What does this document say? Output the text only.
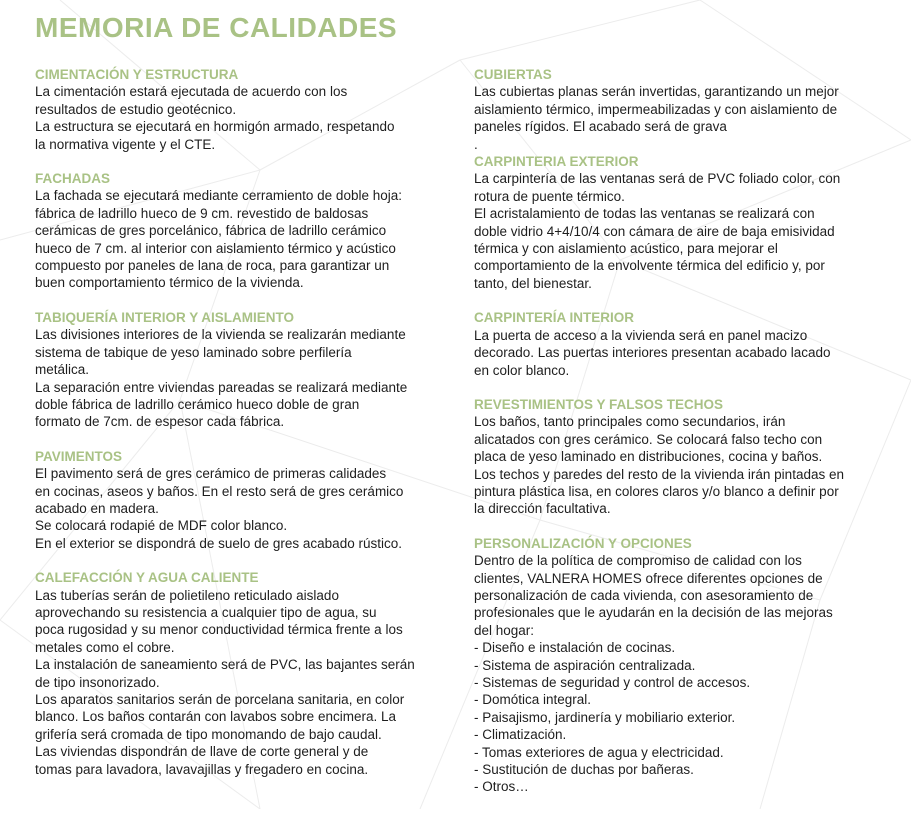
MEMORIA DE CALIDADES

CIMENTACIÓN Y ESTRUCTURA

La cimentación estará ejecutada de acuerdo con los

resultados de estudio geotécnico.

La estructura se ejecutará en hormigón armado, respetando

la normativa vigente y el CTE.

FACHADAS

La fachada se ejecutará mediante cerramiento de doble hoja:

fábrica de ladrillo hueco de 9 cm. revestido de baldosas

cerámicas de gres porcelánico, fábrica de ladrillo cerámico

hueco de 7 cm. al interior con aislamiento térmico y acústico

compuesto por paneles de lana de roca, para garantizar un

buen comportamiento térmico de la vivienda.

TABIQUERÍA INTERIOR Y AISLAMIENTO

Las divisiones interiores de la vivienda se realizarán mediante

sistema de tabique de yeso laminado sobre perfilería

metálica.

La separación entre viviendas pareadas se realizará mediante

doble fábrica de ladrillo cerámico hueco doble de gran

formato de 7cm. de espesor cada fábrica.

PAVIMENTOS

El pavimento será de gres cerámico de primeras calidades

en cocinas, aseos y baños. En el resto será de gres cerámico

acabado en madera.

Se colocará rodapié de MDF color blanco.

En el exterior se dispondrá de suelo de gres acabado rústico.

CALEFACCIÓN Y AGUA CALIENTE

Las tuberías serán de polietileno reticulado aislado

aprovechando su resistencia a cualquier tipo de agua, su

poca rugosidad y su menor conductividad térmica frente a los

metales como el cobre.

La instalación de saneamiento será de PVC, las bajantes serán

de tipo insonorizado.

Los aparatos sanitarios serán de porcelana sanitaria, en color

blanco. Los baños contarán con lavabos sobre encimera. La

grifería será cromada de tipo monomando de bajo caudal.

Las viviendas dispondrán de llave de corte general y de

tomas para lavadora, lavavajillas y fregadero en cocina.

CUBIERTAS

Las cubiertas planas serán invertidas, garantizando un mejor

aislamiento térmico, impermeabilizadas y con aislamiento de

paneles rígidos. El acabado será de grava

.

CARPINTERIA EXTERIOR

La carpintería de las ventanas será de PVC foliado color, con

rotura de puente térmico.

El acristalamiento de todas las ventanas se realizará con

doble vidrio 4+4/10/4 con cámara de aire de baja emisividad

térmica y con aislamiento acústico, para mejorar el

comportamiento de la envolvente térmica del edificio y, por

tanto, del bienestar.

CARPINTERÍA INTERIOR

La puerta de acceso a la vivienda será en panel macizo

decorado. Las puertas interiores presentan acabado lacado

en color blanco.

REVESTIMIENTOS Y FALSOS TECHOS

Los baños, tanto principales como secundarios, irán

alicatados con gres cerámico. Se colocará falso techo con

placa de yeso laminado en distribuciones, cocina y baños.

Los techos y paredes del resto de la vivienda irán pintadas en

pintura plástica lisa, en colores claros y/o blanco a definir por

la dirección facultativa.

PERSONALIZACIÓN Y OPCIONES

Dentro de la política de compromiso de calidad con los

clientes, VALNERA HOMES ofrece diferentes opciones de

personalización de cada vivienda, con asesoramiento de

profesionales que le ayudarán en la decisión de las mejoras

del hogar:

- Diseño e instalación de cocinas.

- Sistema de aspiración centralizada.

- Sistemas de seguridad y control de accesos.

- Domótica integral.

- Paisajismo, jardinería y mobiliario exterior.

- Climatización.

- Tomas exteriores de agua y electricidad.

- Sustitución de duchas por bañeras.

- Otros…
